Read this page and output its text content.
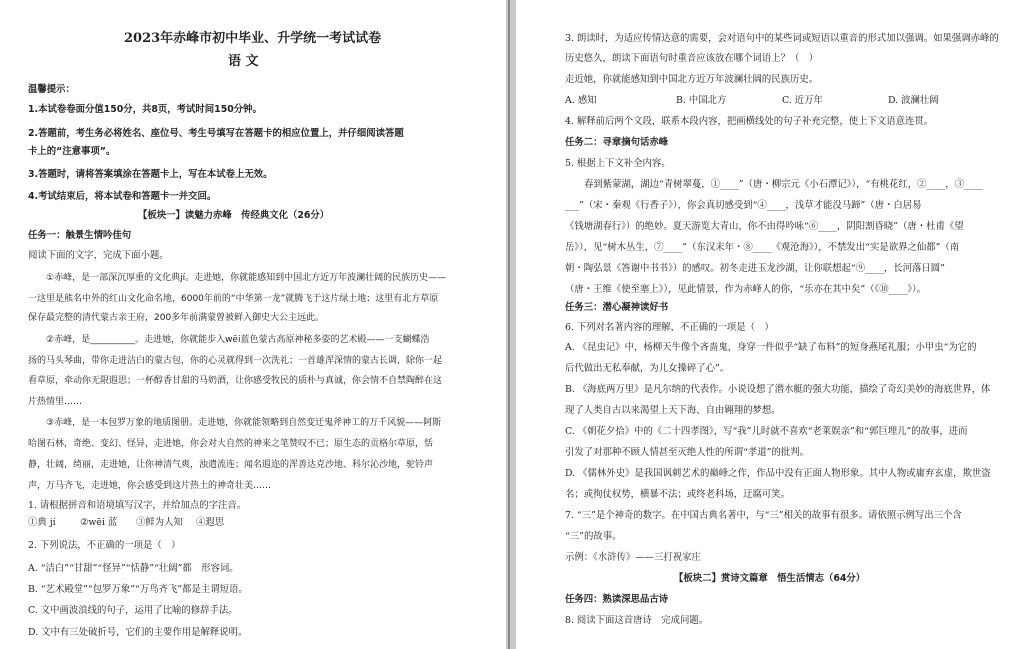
2023年赤峰市初中毕业、升学统一考试试卷
语 文
温馨提示：
1.本试卷卷面分值150分，共8页，考试时间150分钟。
2.答题前，考生务必将姓名、座位号、考生号填写在答题卡的相应位置上，并仔细阅读答题
卡上的“注意事项”。
3.答题时，请将答案填涂在答题卡上，写在本试卷上无效。
4.考试结束后，将本试卷和答题卡一并交回。
【板块一】读魅力赤峰　传经典文化（26分）
任务一：触景生情吟佳句
阅读下面的文字，完成下面小题。
①赤峰，是一部深沉厚重的文化典jí。走进她，你就能感知到中国北方近万年波澜壮阔的民族历史——
一这里是熊名中外的红山文化命名地，6000年前的“中华第一龙”就腾飞于这片绿土地；这里有北方草原
保存最完整的清代蒙古亲王府，200多年前满蒙曾被鲜入御史大公主远此。
②赤峰，是__________。走进她，你就能步入wēi蓝色蒙古高原神秘多姿的艺术殿——一支蝴蝶浩
扬的马头琴曲，带你走进洁白的蒙古包，你的心灵就得到一次洗礼；一首雄浑深情的蒙古长调，除你一起
看草原，牵动你无限遐思；一杯醇香甘甜的马奶酒，让你感受牧民的质朴与真诚，你会情不自禁陶醉在这
片热情里……
③赤峰，是一本包罗万象的地质图册。走进她，你就能领略到自然变迁鬼斧神工的万千风貌——阿斯
哈图石林，奇绝、变幻、怪异，走进她，你会对大自然的神来之笔赞叹不已；原生态的贡格尔草原，恬
静，壮阔，绮丽，走进她，让你神清气爽，浊遣流连；闻名遐迩的浑善达克沙地、科尔沁沙地，驼铃声
声，万马齐飞，走进她，你会感受到这片热土的神奇壮美……
1. 请根据拼音和语境填写汉字，并给加点的字注音。
①典 jí	②wēi 蓝 ③鲜为人知 ④遐思
2. 下列说法，不正确的一项是（　）
A. “洁白”“甘甜”“怪异”“恬静”“壮阔”都　形容词。
B. “艺术殿堂”“包罗万象”“万鸟齐飞”都是主谓短语。
C. 文中画波浪线的句子，运用了比喻的修辞手法。
D. 文中有三处破折号，它们的主要作用是解释说明。
3. 朗读时，为适应传情达意的需要，会对语句中的某些词或短语以重音的形式加以强调。如果强调赤峰的
历史悠久，朗读下面语句时重音应该放在哪个词语上？（　）
走近她，你就能感知到中国北方近万年波澜壮阔的民族历史。
A. 感知	B. 中国北方	C. 近万年	D. 波澜壮阔
4. 解释前后两个文段，联系本段内容，把画横线处的句子补充完整，使上下文语意连贯。
任务二：寻章摘句话赤峰
5. 根据上下文补全内容。
春到紫蒙湖，湖边“青树翠蔓，①____”（唐・柳宗元《小石潭记》），“有桃花红，②____，③____
___”（宋・秦观《行香子》），你会真切感受到“④____，浅草才能没马蹄”（唐・白居易
《钱塘湖春行》）的绝妙。夏天游览大青山，你不由得吟咏“⑥____，阴阳割昏晓”（唐・杜甫《望
岳》），见“树木丛生，⑦____”（东汉末年・⑧____《观沧海》），不禁发出“实是欲界之仙都”（南
朝・陶弘景《答谢中书书》）的感叹。初冬走进玉龙沙湖，让你联想起“⑨____，长河落日圆”
（唐・王维《使至塞上》），见此情景，作为赤峰人的你，“乐亦在其中矣”（《⑩____》）。
任务三：潜心凝神读好书
6. 下列对名著内容的理解，不正确的一项是（　）
A. 《昆虫记》中，杨柳天牛像个吝啬鬼，身穿一件似乎“缺了布料”的短身燕尾礼服；小甲虫“为它的
后代做出无私奉献，为儿女操碎了心”。
B. 《海底两万里》是凡尔纳的代表作。小说设想了潜水艇的强大功能，描绘了奇幻美妙的海底世界，体
现了人类自古以来渴望上天下海、自由翱翔的梦想。
C. 《朝花夕拾》中的《二十四孝图》，写“我”儿时就不喜欢“老莱娱亲”和“郭巨埋儿”的故事，进而
引发了对那种不顾人情甚至灭绝人性的所谓“孝道”的批判。
D. 《儒林外史》是我国讽刺艺术的巅峰之作，作品中没有正面人物形象。其中人物或庸弃玄虚，欺世盗
名；或徇仗权势，横暴不法；或终老科场，迂腐可笑。
7. “三”是个神奇的数字。在中国古典名著中，与“三”相关的故事有很多。请依照示例写出三个含
“三”的故事。
示例：《水浒传》——三打祝家庄
【板块二】赏诗文篇章　悟生活情志（64分）
任务四：熟读深思品古诗
8. 阅读下面这首唐诗　完成问题。
